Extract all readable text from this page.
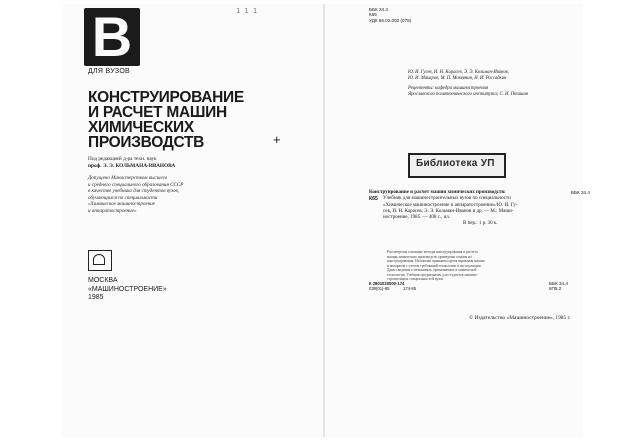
В	1 1 1
ДЛЯ ВУЗОВ
КОНСТРУИРОВАНИЕ
И РАСЧЕТ МАШИН
ХИМИЧЕСКИХ
ПРОИЗВОДСТВ	+
Под редакцией д-ра техн. наук
проф. Э. Э. КОЛЬМАНА-ИВАНОВА
Допущено Министерством высшего
и среднего специального образования СССР
в качестве учебника для студентов вузов,
обучающихся по специальности
«Химическое машиностроение
и аппаратостроение»
МОСКВА
«МАШИНОСТРОЕНИЕ»
1985
ББК 34.4
К65
УДК 66.02.002 (075)
Ю. И. Гусев, И. Н. Карасев, Э. Э. Кольман-Иванов,
Ю. И. Макаров, М. П. Макевнин, Н. И. Рассадкин
Рецензенты: кафедра машиностроения
Ярославского политехнического института; С. И. Пташин
Библиотека УП
ББК 34.4
К65
Конструирование и расчет машин химических производств:
Учебник для машиностроительных вузов по специальности
«Химическое машиностроение и аппаратостроение»/Ю. И. Гу-
сев, И. Н. Карасев, Э. Э. Кольман-Иванов и др. — М.: Маши-
ностроение, 1985. — 408 с., ил.
В пер.: 1 р. 30 к.
Рассмотрены основные методы конструирования и расчета
машин химических производств, приведены основы их
конструирования. Изложены принципы проектирования машин
и аппаратов с учетом требований технологии и эксплуатации.
Даны сведения о механизмах, применяемых в химической
технологии. Учебник предназначен для студентов машино-
строительных специальностей вузов.
К 2801020000-174
038(01)-85	174-85
ББК 34.4
6П5.2
© Издательство «Машиностроение», 1985 г.
